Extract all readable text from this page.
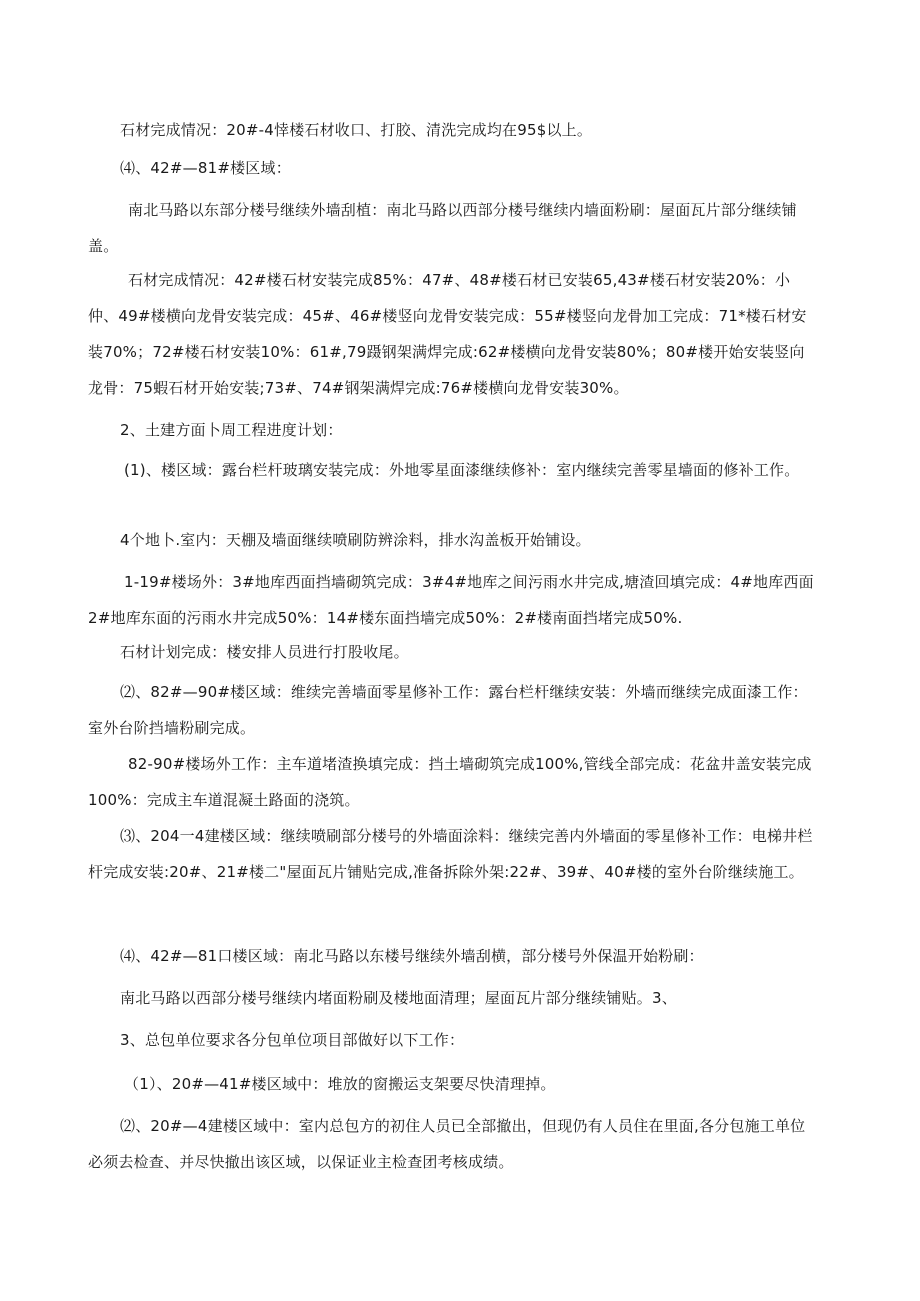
石材完成情况：20#-4悻楼石材收口、打胶、清洗完成均在95$以上。
⑷、42#—81#楼区域：
南北马路以东部分楼号继续外墙刮植：南北马路以西部分楼号继续内墙面粉刷：屋面瓦片部分继续铺盖。
石材完成情况：42#楼石材安装完成85%：47#、48#楼石材已安装65,43#楼石材安装20%：小仲、49#楼横向龙骨安装完成：45#、46#楼竖向龙骨安装完成：55#楼竖向龙骨加工完成：71*楼石材安装70%；72#楼石材安装10%：61#,79蹑钢架满焊完成:62#楼横向龙骨安装80%；80#楼开始安装竖向龙骨：75蝦石材开始安装;73#、74#钢架满焊完成:76#楼横向龙骨安装30%。
2、土建方面卜周工程进度计划：
(1)、楼区域：露台栏杆玻璃安装完成：外地零星面漆继续修补：室内继续完善零星墙面的修补工作。
4个地卜.室内：天棚及墙面继续喷刷防辨涂料，排水沟盖板开始铺设。
1-19#楼场外：3#地库西面挡墙砌筑完成：3#4#地库之间污雨水井完成,塘渣回填完成：4#地库西面2#地库东面的污雨水井完成50%：14#楼东面挡墙完成50%：2#楼南面挡堵完成50%.
石材计划完成：楼安排人员进行打股收尾。
⑵、82#—90#楼区域：维续完善墙面零星修补工作：露台栏杆继续安装：外墙而继续完成面漆工作：室外台阶挡墙粉刷完成。
82-90#楼场外工作：主车道堵渣换填完成：挡土墙砌筑完成100%,管线全部完成：花盆井盖安装完成100%：完成主车道混凝土路面的浇筑。
⑶、204一4建楼区域：继续喷刷部分楼号的外墙面涂料：继续完善内外墙面的零星修补工作：电梯井栏杆完成安装:20#、21#楼二"屋面瓦片铺贴完成,准备拆除外架:22#、39#、40#楼的室外台阶继续施工。
⑷、42#—81口楼区域：南北马路以东楼号继续外墙刮横，部分楼号外保温开始粉刷：
南北马路以西部分楼号继续内堵面粉刷及楼地面清理；屋面瓦片部分继续铺贴。3、
3、总包单位要求各分包单位项目部做好以下工作：
（1）、20#—41#楼区域中：堆放的窗搬运支架要尽快清理掉。
⑵、20#—4建楼区域中：室内总包方的初住人员已全部撤出，但现仍有人员住在里面,各分包施工单位必须去检查、并尽快撤出该区域，以保证业主检查团考核成绩。
